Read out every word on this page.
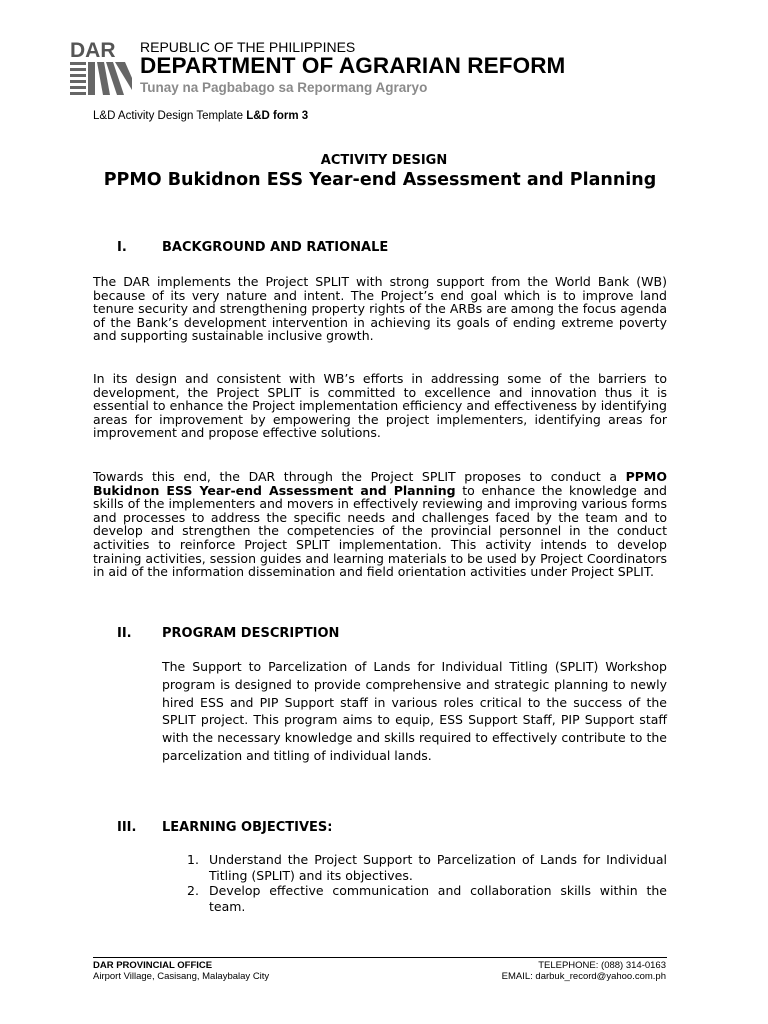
DAR REPUBLIC OF THE PHILIPPINES
DEPARTMENT OF AGRARIAN REFORM
Tunay na Pagbabago sa Repormang Agraryo
L&D Activity Design Template L&D form 3
ACTIVITY DESIGN
PPMO Bukidnon ESS Year-end Assessment and Planning
I.	BACKGROUND AND RATIONALE
The DAR implements the Project SPLIT with strong support from the World Bank (WB) because of its very nature and intent. The Project’s end goal which is to improve land tenure security and strengthening property rights of the ARBs are among the focus agenda of the Bank’s development intervention in achieving its goals of ending extreme poverty and supporting sustainable inclusive growth.
In its design and consistent with WB’s efforts in addressing some of the barriers to development, the Project SPLIT is committed to excellence and innovation thus it is essential to enhance the Project implementation efficiency and effectiveness by identifying areas for improvement by empowering the project implementers, identifying areas for improvement and propose effective solutions.
Towards this end, the DAR through the Project SPLIT proposes to conduct a PPMO Bukidnon ESS Year-end Assessment and Planning to enhance the knowledge and skills of the implementers and movers in effectively reviewing and improving various forms and processes to address the specific needs and challenges faced by the team and to develop and strengthen the competencies of the provincial personnel in the conduct activities to reinforce Project SPLIT implementation. This activity intends to develop training activities, session guides and learning materials to be used by Project Coordinators in aid of the information dissemination and field orientation activities under Project SPLIT.
II. PROGRAM DESCRIPTION
The Support to Parcelization of Lands for Individual Titling (SPLIT) Workshop program is designed to provide comprehensive and strategic planning to newly hired ESS and PIP Support staff in various roles critical to the success of the SPLIT project. This program aims to equip, ESS Support Staff, PIP Support staff with the necessary knowledge and skills required to effectively contribute to the parcelization and titling of individual lands.
III. LEARNING OBJECTIVES:
1. Understand the Project Support to Parcelization of Lands for Individual Titling (SPLIT) and its objectives.
2. Develop effective communication and collaboration skills within the team.
DAR PROVINCIAL OFFICE
Airport Village, Casisang, Malaybalay City
TELEPHONE: (088) 314-0163
EMAIL: darbuk_record@yahoo.com.ph
